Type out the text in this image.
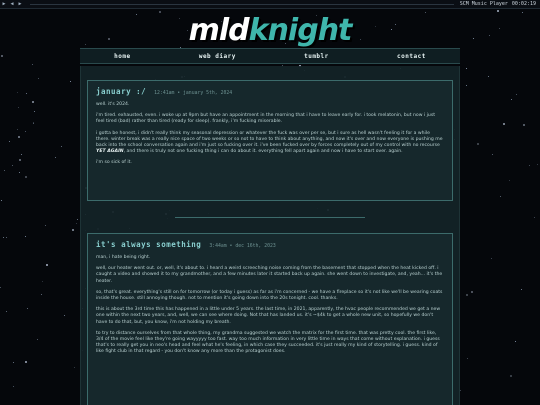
▶ ◀ ▶	SCM Music Player 00:02:19
mld knight
home	web diary	tumblr	contact
january :/ 12:41am • january 5th, 2024

well. it's 2024.

i'm tired. exhausted, even. i woke up at 9pm but have an appointment in the morning that i have to leave early for. i took melatonin, but now i just feel tired (bad) rather than tired (ready for sleep). frankly, i'm fucking miserable.

i gotta be honest, i didn't really think my seasonal depression or whatever the fuck was over per se, but i sure as hell wasn't feeling it for a while there. winter break was a really nice space of two weeks or so not to have to think about anything, and now it's over and now everyone is pushing me back into the school conversation again and i'm just so fucking over it. i've been fucked over by forces completely out of my control with no recourse YET AGAIN, and there is truly not one fucking thing i can do about it. everything fell apart again and now i have to start over. again.

i'm so sick of it.

it's always something 3:44am • dec 16th, 2023

man, i hate being right.

well, our heater went out. or, well, it's about to. i heard a weird screeching noise coming from the basement that stopped when the heat kicked off. i caught a video and showed it to my grandmother, and a few minutes later it started back up again. she went down to investigate, and, yeah... it's the heater.

so, that's great. everything's still on for tomorrow (or today i guess) as far as i'm concerned - we have a fireplace so it's not like we'll be wearing coats inside the house. still annoying though. not to mention it's going down into the 20s tonight. cool. thanks.

this is about the 3rd time this has happened in a little under 5 years. the last time, in 2021, apparently, the hvac people recommended we get a new one within the next two years, and, well, we can see where doing. Not that has landed us. it's ~$4k to get a whole new unit, so hopefully we don't have to do that, but, you know, i'm not holding my breath.

to try to distance ourselves from that whole thing, my grandma suggested we watch the matrix for the first time. that was pretty cool. the first like, 3/4 of the movie feel like they're going wayyyyy too fast. way too much information in very little time in ways that come without explanation. i guess that's to really get you in neo's head and feel what he's feeling, in which case they succeeded. it's just really my kind of storytelling. i guess. kind of like fight club in that regard - you don't know any more than the protagonist does.
